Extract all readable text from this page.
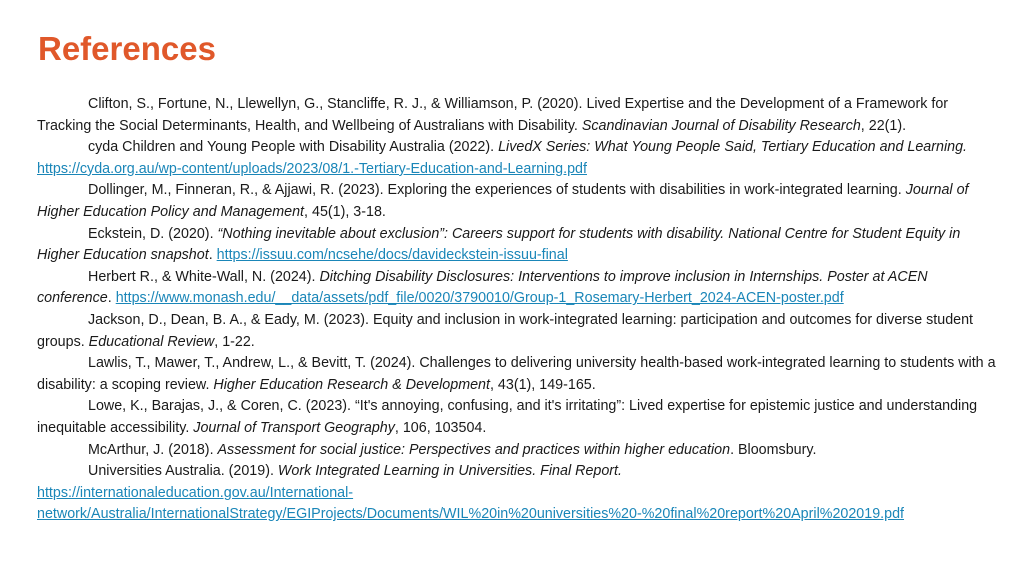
References

Clifton, S., Fortune, N., Llewellyn, G., Stancliffe, R. J., & Williamson, P. (2020). Lived Expertise and the Development of a Framework for Tracking the Social Determinants, Health, and Wellbeing of Australians with Disability. Scandinavian Journal of Disability Research, 22(1).

cyda Children and Young People with Disability Australia (2022). LivedX Series: What Young People Said, Tertiary Education and Learning. https://cyda.org.au/wp-content/uploads/2023/08/1.-Tertiary-Education-and-Learning.pdf

Dollinger, M., Finneran, R., & Ajjawi, R. (2023). Exploring the experiences of students with disabilities in work-integrated learning. Journal of Higher Education Policy and Management, 45(1), 3-18.

Eckstein, D. (2020). “Nothing inevitable about exclusion”: Careers support for students with disability. National Centre for Student Equity in Higher Education snapshot. https://issuu.com/ncsehe/docs/davideckstein-issuu-final

Herbert R., & White-Wall, N. (2024). Ditching Disability Disclosures: Interventions to improve inclusion in Internships. Poster at ACEN conference. https://www.monash.edu/__data/assets/pdf_file/0020/3790010/Group-1_Rosemary-Herbert_2024-ACEN-poster.pdf

Jackson, D., Dean, B. A., & Eady, M. (2023). Equity and inclusion in work-integrated learning: participation and outcomes for diverse student groups. Educational Review, 1-22.

Lawlis, T., Mawer, T., Andrew, L., & Bevitt, T. (2024). Challenges to delivering university health-based work-integrated learning to students with a disability: a scoping review. Higher Education Research & Development, 43(1), 149-165.

Lowe, K., Barajas, J., & Coren, C. (2023). “It's annoying, confusing, and it's irritating”: Lived expertise for epistemic justice and understanding inequitable accessibility. Journal of Transport Geography, 106, 103504.

McArthur, J. (2018). Assessment for social justice: Perspectives and practices within higher education. Bloomsbury.

Universities Australia. (2019). Work Integrated Learning in Universities. Final Report.

https://internationaleducation.gov.au/International-
network/Australia/InternationalStrategy/EGIProjects/Documents/WIL%20in%20universities%20-%20final%20report%20April%202019.pdf
